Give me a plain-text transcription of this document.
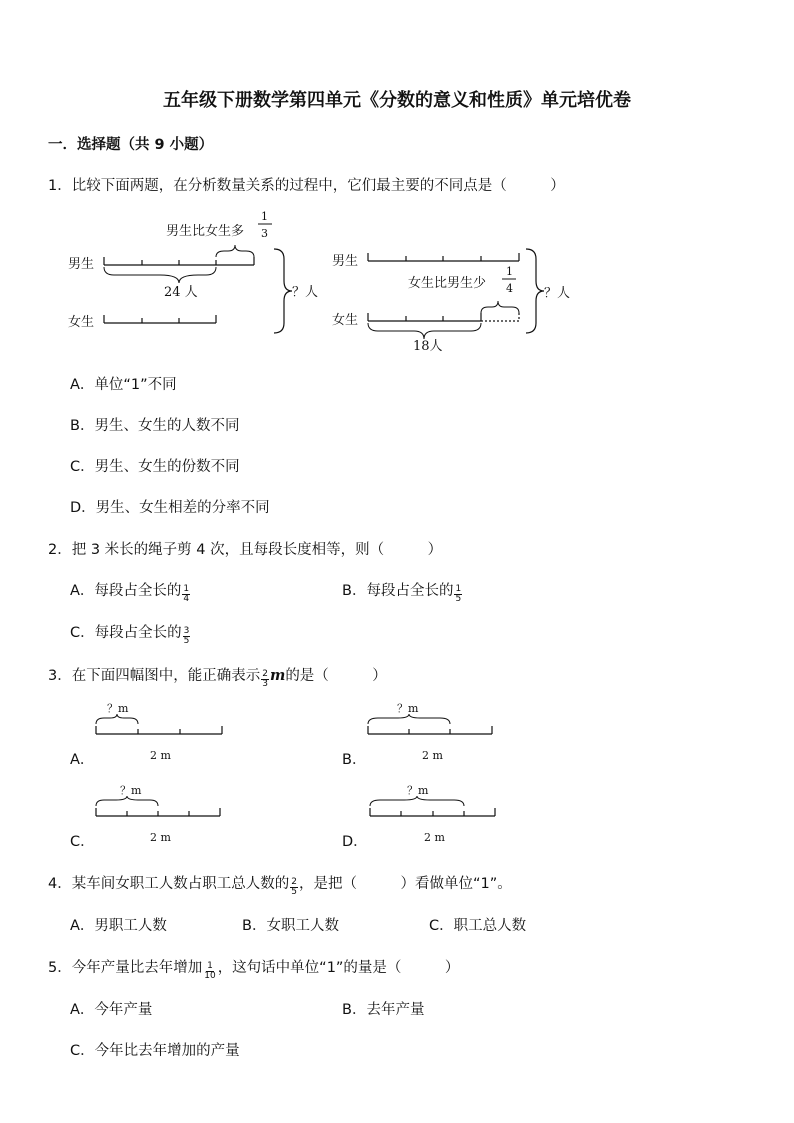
五年级下册数学第四单元《分数的意义和性质》单元培优卷
一．选择题（共 9 小题）
1．比较下面两题，在分析数量关系的过程中，它们最主要的不同点是（　　　）
男生
女生
男生比女生多
1
3
24 人	？人
男生
女生
女生比男生少
1
4
18人
？人
A．单位“1”不同
B．男生、女生的人数不同
C．男生、女生的份数不同
D．男生、女生相差的分率不同
2．把 3 米长的绳子剪 4 次，且每段长度相等，则（　　　）
A．每段占全长的 $\frac{1}{4}$	B．每段占全长的 $\frac{1}{5}$
C．每段占全长的 $\frac{3}{5}$
3．在下面四幅图中，能正确表示 $\frac{2}{3}$ m的是（　　　）
A．
？m
2 m	B．
？m
2 m
C．
？m
2 m	D．
？m
2 m
4．某车间女职工人数占职工总人数的 $\frac{2}{5}$ ，是把（　　　）看做单位“1”。
A．男职工人数	B．女职工人数	C．职工总人数
5．今年产量比去年增加 $\frac{1}{10}$ ，这句话中单位“1”的量是（　　　）
A．今年产量	B．去年产量
C．今年比去年增加的产量
